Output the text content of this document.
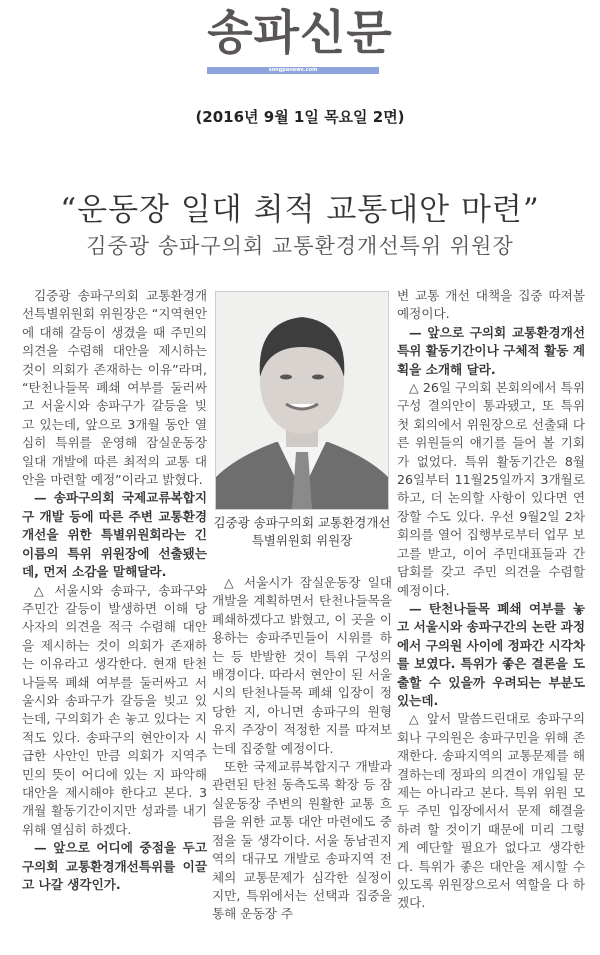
송파신문
songpanews.com
(2016년 9월 1일 목요일 2면)
“운동장 일대 최적 교통대안 마련”
김중광 송파구의회 교통환경개선특위 위원장

김중광 송파구의회 교통환경개선특별위원회 위원장은 “지역현안에 대해 갈등이 생겼을 때 주민의 의견을 수렴해 대안을 제시하는 것이 의회가 존재하는 이유”라며, “탄천나들목 폐쇄 여부를 둘러싸고 서울시와 송파구가 갈등을 빚고 있는데, 앞으로 3개월 동안 열심히 특위를 운영해 잠실운동장 일대 개발에 따른 최적의 교통 대안을 마련할 예정”이라고 밝혔다.

— 송파구의회 국제교류복합지구 개발 등에 따른 주변 교통환경 개선을 위한 특별위원회라는 긴 이름의 특위 위원장에 선출됐는데, 먼저 소감을 말해달라.

△ 서울시와 송파구, 송파구와 주민간 갈등이 발생하면 이해 당사자의 의견을 적극 수렴해 대안을 제시하는 것이 의회가 존재하는 이유라고 생각한다. 현재 탄천나들목 폐쇄 여부를 둘러싸고 서울시와 송파구가 갈등을 빚고 있는데, 구의회가 손 놓고 있다는 지적도 있다. 송파구의 현안이자 시급한 사안인 만큼 의회가 지역주민의 뜻이 어디에 있는 지 파악해 대안을 제시해야 한다고 본다. 3개월 활동기간이지만 성과를 내기 위해 열심히 하겠다.

— 앞으로 어디에 중점을 두고 구의회 교통환경개선특위를 이끌고 나갈 생각인가.

김중광 송파구의회 교통환경개선
특별위원회 위원장

△ 서울시가 잠실운동장 일대 개발을 계획하면서 탄천나들목을 폐쇄하겠다고 밝혔고, 이 곳을 이용하는 송파주민들이 시위를 하는 등 반발한 것이 특위 구성의 배경이다. 따라서 현안이 된 서울시의 탄천나들목 폐쇄 입장이 정당한 지, 아니면 송파구의 원형 유지 주장이 적정한 지를 따져보는데 집중할 예정이다.

또한 국제교류복합지구 개발과 관련된 탄천 동측도록 확장 등 잠실운동장 주변의 원활한 교통 흐름을 위한 교통 대안 마련에도 중점을 둘 생각이다. 서울 동남권지역의 대규모 개발로 송파지역 전체의 교통문제가 심각한 실정이지만, 특위에서는 선택과 집중을 통해 운동장 주

변 교통 개선 대책을 집중 따져볼 예정이다.

— 앞으로 구의회 교통환경개선특위 활동기간이나 구체적 활동 계획을 소개해 달라.

△ 26일 구의회 본회의에서 특위 구성 결의안이 통과됐고, 또 특위 첫 회의에서 위원장으로 선출돼 다른 위원들의 얘기를 들어 볼 기회가 없었다. 특위 활동기간은 8월26일부터 11월25일까지 3개월로 하고, 더 논의할 사항이 있다면 연장할 수도 있다. 우선 9월2일 2차 회의를 열어 집행부로부터 업무 보고를 받고, 이어 주민대표들과 간담회를 갖고 주민 의견을 수렴할 예정이다.

— 탄천나들목 폐쇄 여부를 놓고 서울시와 송파구간의 논란 과정에서 구의원 사이에 정파간 시각차를 보였다. 특위가 좋은 결론을 도출할 수 있을까 우려되는 부분도 있는데.

△ 앞서 말씀드린대로 송파구의회나 구의원은 송파구민을 위해 존재한다. 송파지역의 교통문제를 해결하는데 정파의 의견이 개입될 문제는 아니라고 본다. 특위 위원 모두 주민 입장에서서 문제 해결을 하려 할 것이기 때문에 미리 그렇게 예단할 필요가 없다고 생각한다. 특위가 좋은 대안을 제시할 수 있도록 위원장으로서 역할을 다 하겠다.
